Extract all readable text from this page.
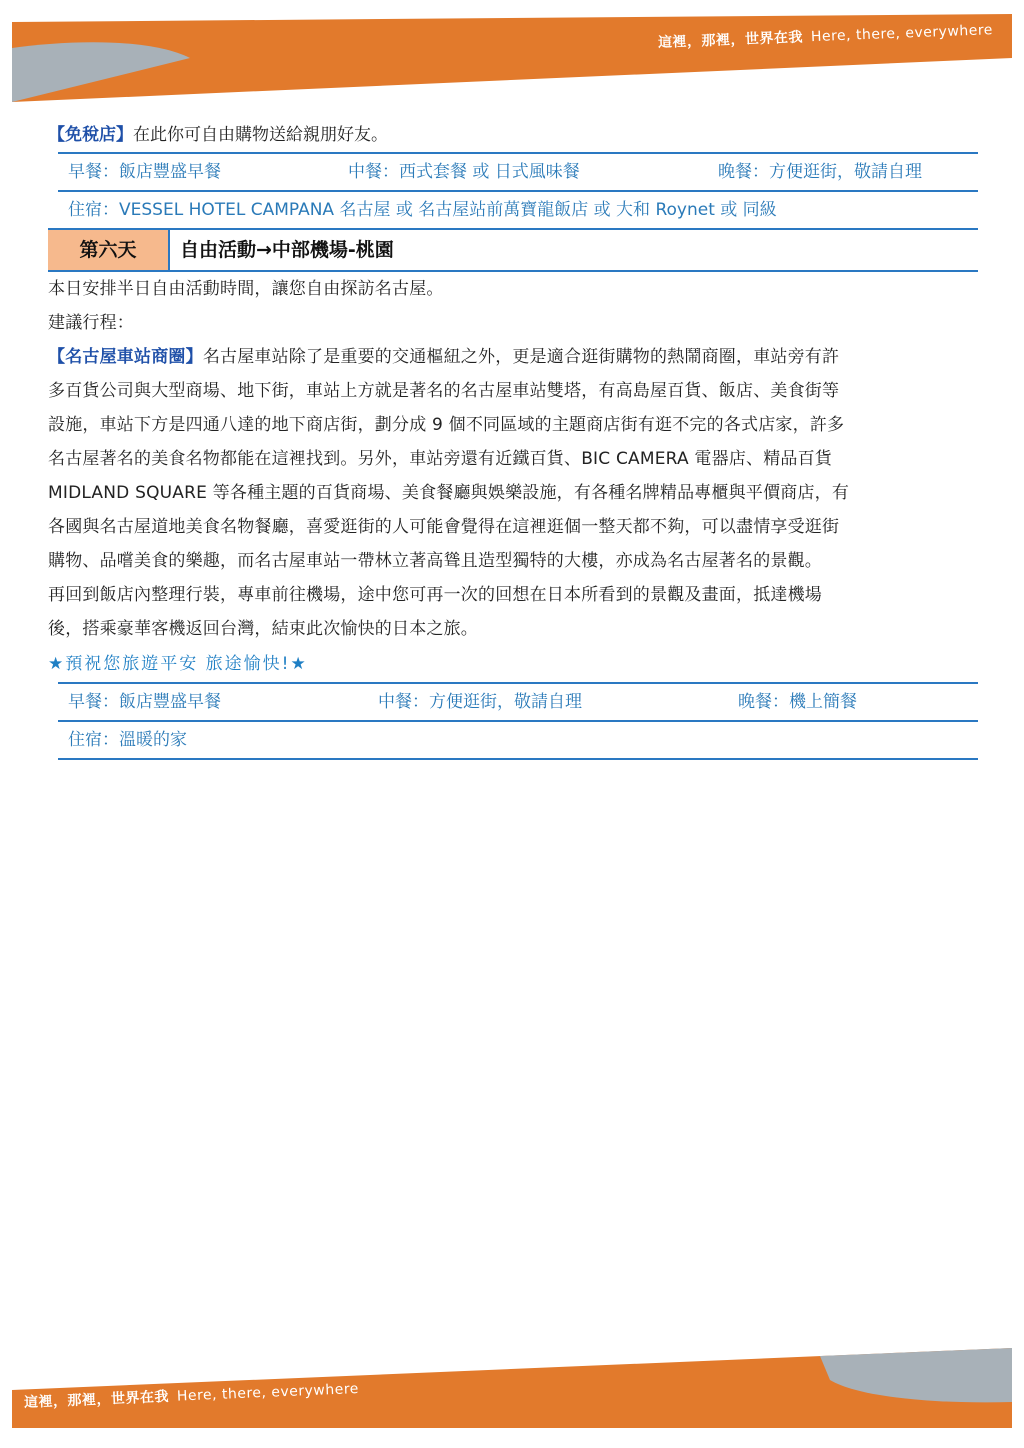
這裡，那裡，世界在我 Here, there, everywhere

【免稅店】在此你可自由購物送給親朋好友。

早餐：飯店豐盛早餐	中餐：西式套餐 或 日式風味餐	晚餐：方便逛街，敬請自理
住宿：VESSEL HOTEL CAMPANA 名古屋 或 名古屋站前萬寶龍飯店 或 大和 Roynet 或 同級
第六天	自由活動→中部機場-桃園

本日安排半日自由活動時間，讓您自由探訪名古屋。

建議行程：

【名古屋車站商圈】名古屋車站除了是重要的交通樞紐之外，更是適合逛街購物的熱鬧商圈，車站旁有許

多百貨公司與大型商場、地下街，車站上方就是著名的名古屋車站雙塔，有高島屋百貨、飯店、美食街等

設施，車站下方是四通八達的地下商店街，劃分成 9 個不同區域的主題商店街有逛不完的各式店家，許多

名古屋著名的美食名物都能在這裡找到。另外，車站旁還有近鐵百貨、BIC CAMERA 電器店、精品百貨

MIDLAND SQUARE 等各種主題的百貨商場、美食餐廳與娛樂設施，有各種名牌精品專櫃與平價商店，有

各國與名古屋道地美食名物餐廳，喜愛逛街的人可能會覺得在這裡逛個一整天都不夠，可以盡情享受逛街

購物、品嚐美食的樂趣，而名古屋車站一帶林立著高聳且造型獨特的大樓，亦成為名古屋著名的景觀。

再回到飯店內整理行裝，專車前往機場，途中您可再一次的回想在日本所看到的景觀及畫面，抵達機場

後，搭乘豪華客機返回台灣，結束此次愉快的日本之旅。

★預祝您旅遊平安 旅途愉快!★
早餐：飯店豐盛早餐	中餐：方便逛街，敬請自理	晚餐：機上簡餐
住宿：溫暖的家
這裡，那裡，世界在我 Here, there, everywhere
